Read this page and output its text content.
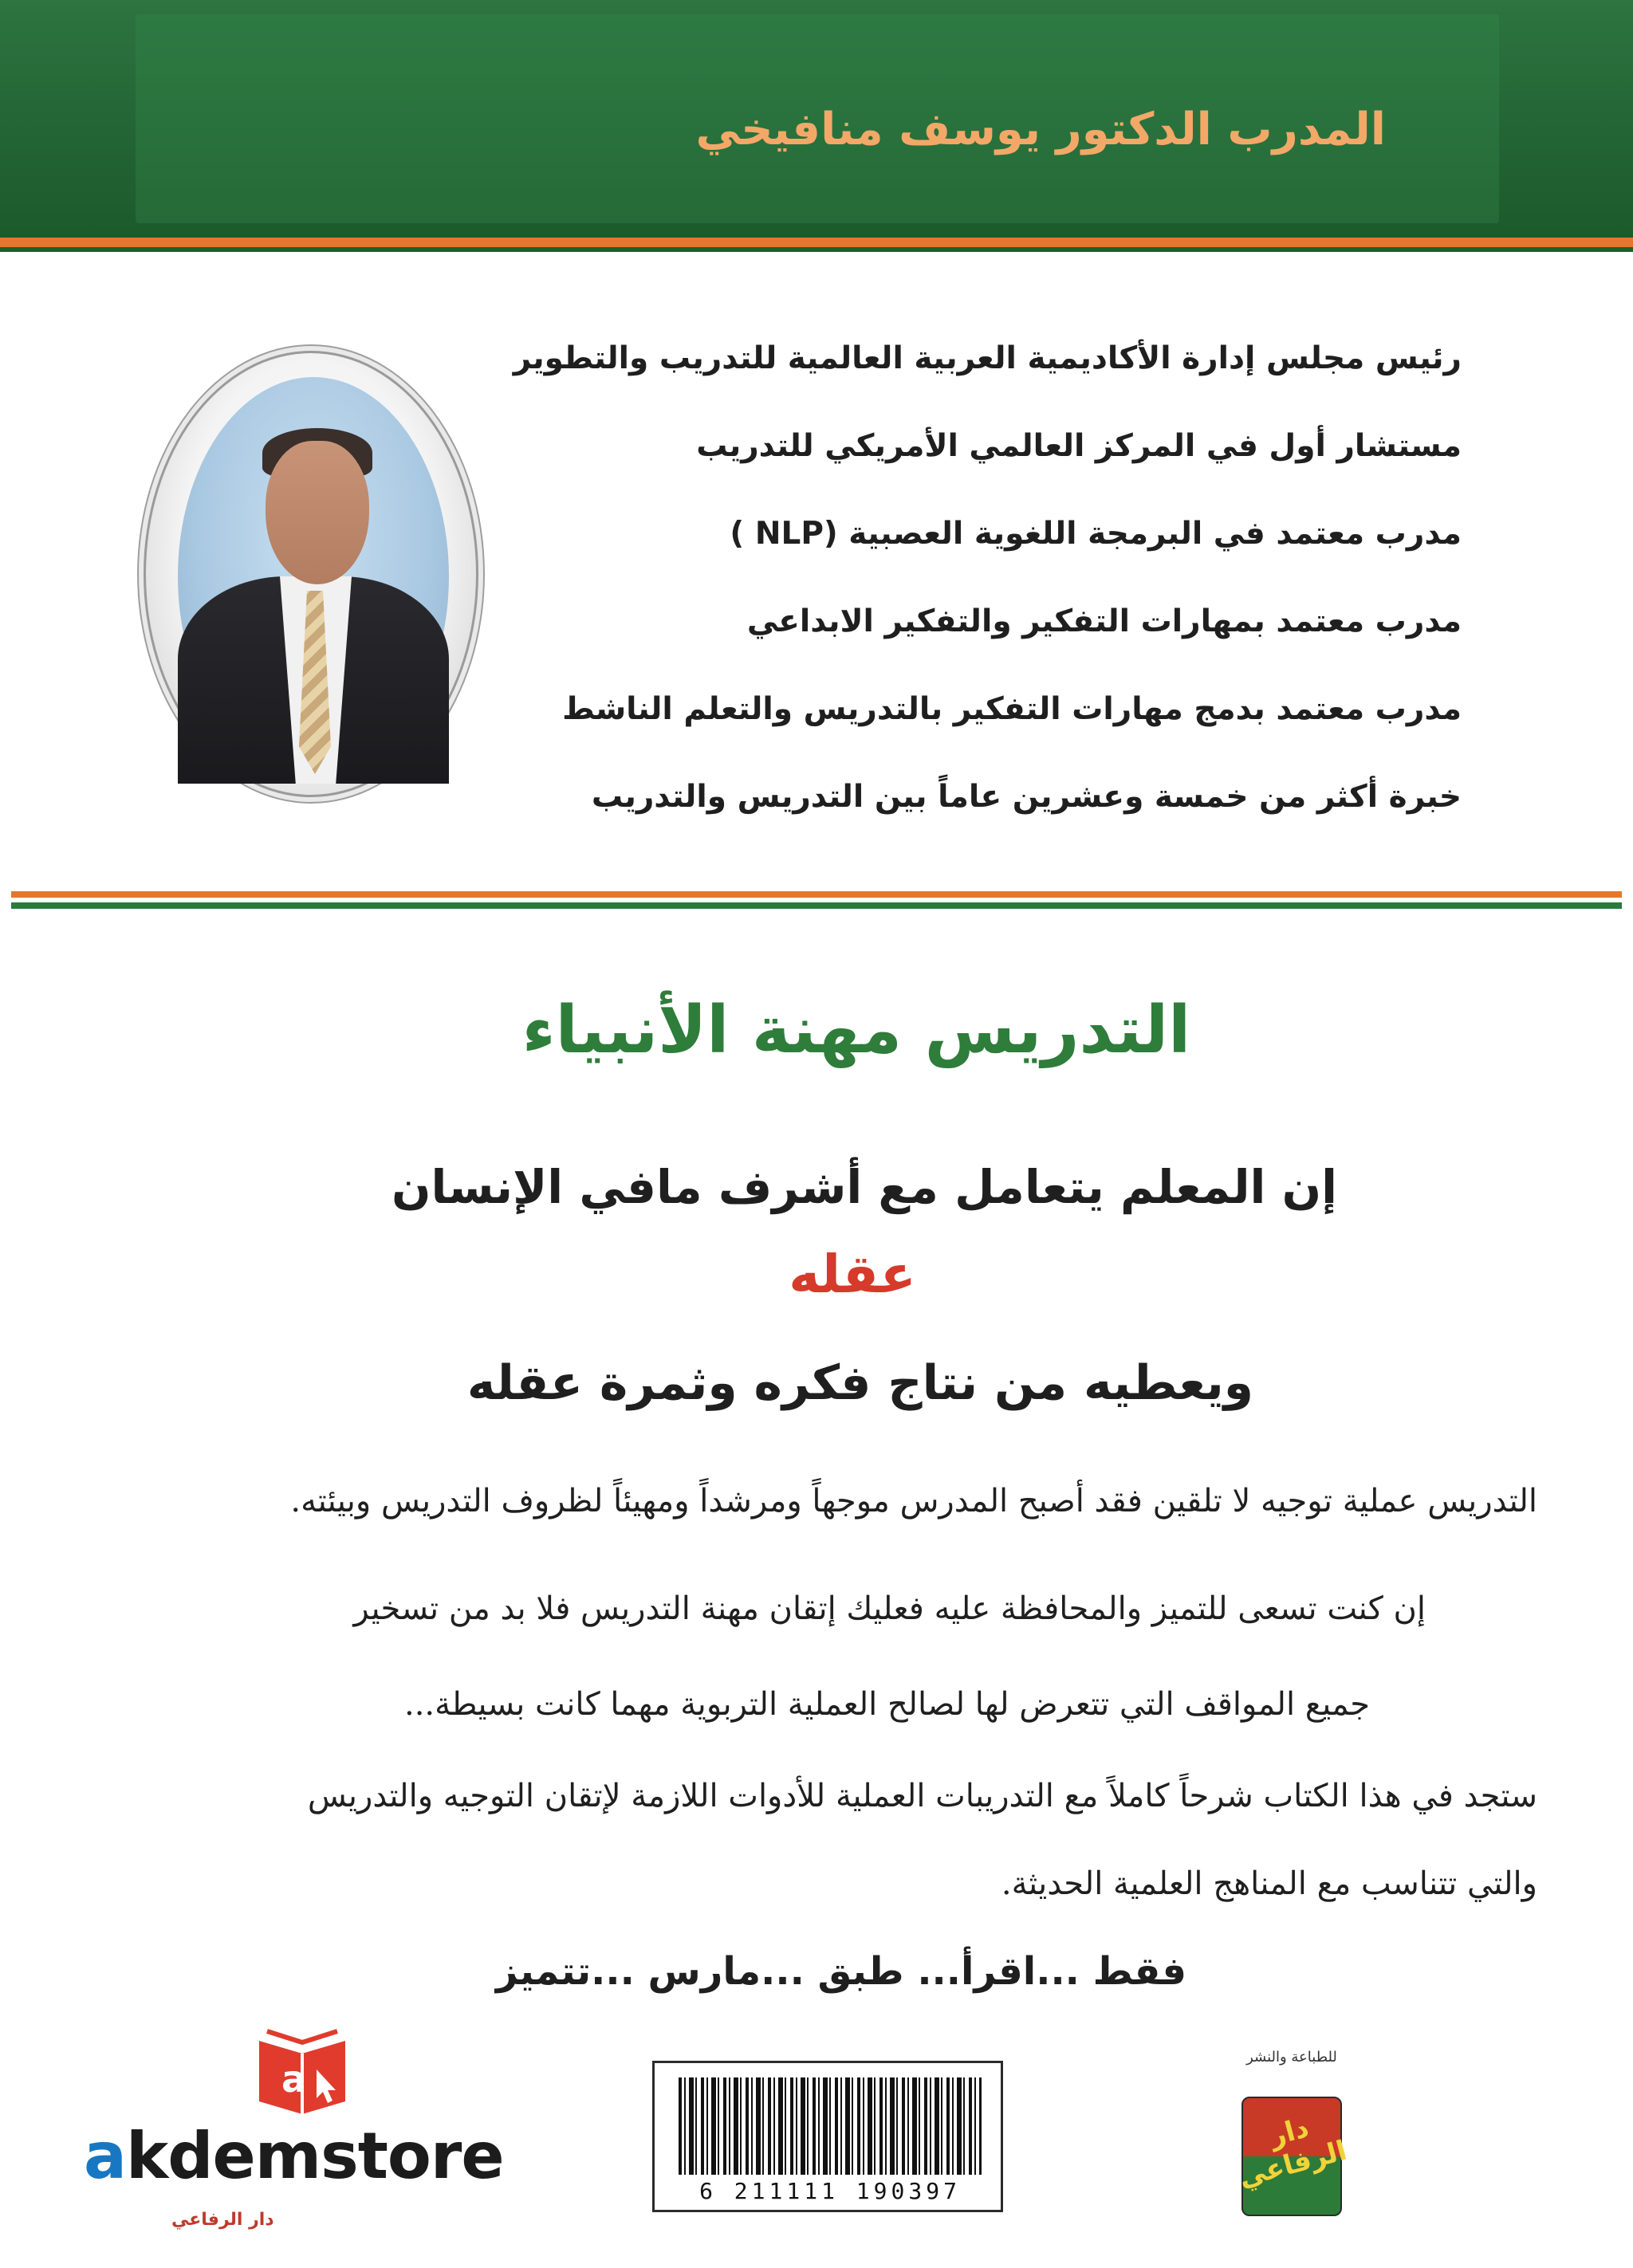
المدرب الدكتور يوسف منافيخي
رئيس مجلس إدارة الأكاديمية العربية العالمية للتدريب والتطوير
مستشار أول في المركز العالمي الأمريكي للتدريب
مدرب معتمد في البرمجة اللغوية العصبية (NLP )
مدرب معتمد بمهارات التفكير والتفكير الابداعي
مدرب معتمد بدمج مهارات التفكير بالتدريس والتعلم الناشط
خبرة أكثر من خمسة وعشرين عاماً بين التدريس والتدريب
التدريس مهنة الأنبياء
إن المعلم يتعامل مع أشرف مافي الإنسان
عقله
ويعطيه من نتاج فكره وثمرة عقله
التدريس عملية توجيه لا تلقين فقد أصبح المدرس موجهاً ومرشداً ومهيئاً لظروف التدريس وبيئته.
إن كنت تسعى للتميز والمحافظة عليه فعليك إتقان مهنة التدريس فلا بد من تسخير
جميع المواقف التي تتعرض لها لصالح العملية التربوية مهما كانت بسيطة...
ستجد في هذا الكتاب شرحاً كاملاً مع التدريبات العملية للأدوات اللازمة لإتقان التوجيه والتدريس
والتي تتناسب مع المناهج العلمية الحديثة.
فقط ...اقرأ... طبق ...مارس ...تتميز
6 211111 190397
للطباعة والنشر
دار الرفاعي
a
akdemstore
دار الرفاعي
